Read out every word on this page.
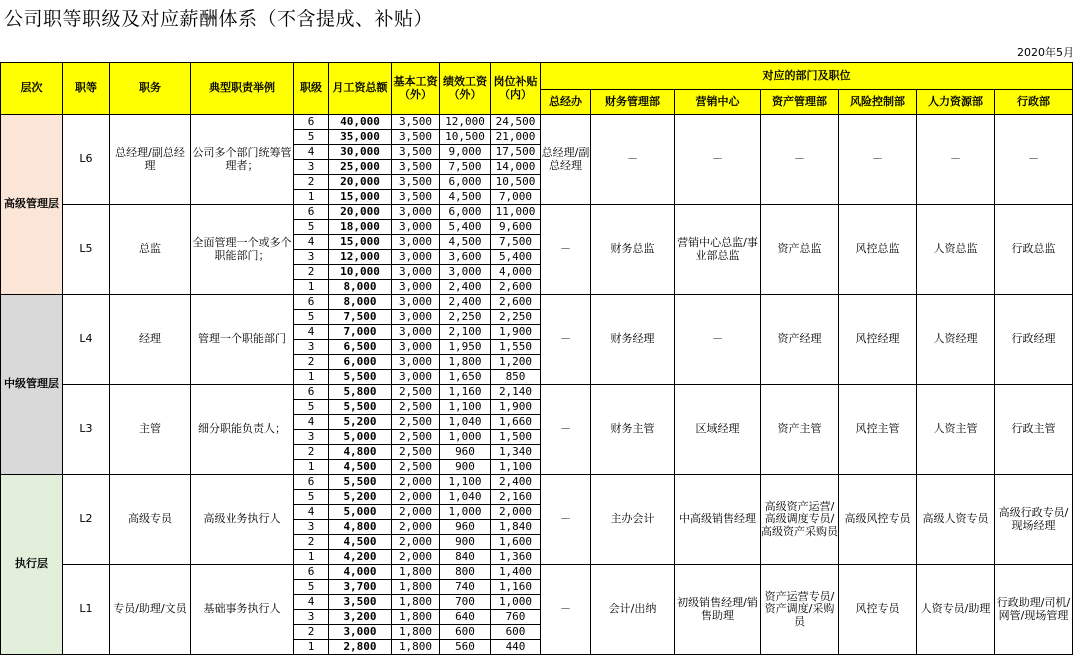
公司职等职级及对应薪酬体系（不含提成、补贴）
2020年5月
层次	职等	职务	典型职责举例	职级	月工资总额	基本工资（外）	绩效工资（外）	岗位补贴（内）	对应的部门及职位						
									总经办	财务管理部	营销中心	资产管理部	风险控制部	人力资源部	行政部
高级管理层	L6	总经理/副总经理	公司多个部门统筹管理者；	6	40,000	3,500	12,000	24,500	总经理/副总经理	－	－	－	－	－	－
				5	35,000	3,500	10,500	21,000							
				4	30,000	3,500	9,000	17,500							
				3	25,000	3,500	7,500	14,000							
				2	20,000	3,500	6,000	10,500							
				1	15,000	3,500	4,500	7,000							
	L5	总监	全面管理一个或多个职能部门；	6	20,000	3,000	6,000	11,000	－	财务总监	营销中心总监/事业部总监	资产总监	风控总监	人资总监	行政总监
				5	18,000	3,000	5,400	9,600							
				4	15,000	3,000	4,500	7,500							
				3	12,000	3,000	3,600	5,400							
				2	10,000	3,000	3,000	4,000							
				1	8,000	3,000	2,400	2,600							
中级管理层	L4	经理	管理一个职能部门	6	8,000	3,000	2,400	2,600	－	财务经理	－	资产经理	风控经理	人资经理	行政经理
				5	7,500	3,000	2,250	2,250							
				4	7,000	3,000	2,100	1,900							
				3	6,500	3,000	1,950	1,550							
				2	6,000	3,000	1,800	1,200							
				1	5,500	3,000	1,650	850							
	L3	主管	细分职能负责人；	6	5,800	2,500	1,160	2,140	－	财务主管	区域经理	资产主管	风控主管	人资主管	行政主管
				5	5,500	2,500	1,100	1,900							
				4	5,200	2,500	1,040	1,660							
				3	5,000	2,500	1,000	1,500							
				2	4,800	2,500	960	1,340							
				1	4,500	2,500	900	1,100							
执行层	L2	高级专员	高级业务执行人	6	5,500	2,000	1,100	2,400	－	主办会计	中高级销售经理	高级资产运营/高级调度专员/高级资产采购员	高级风控专员	高级人资专员	高级行政专员/现场经理
				5	5,200	2,000	1,040	2,160							
				4	5,000	2,000	1,000	2,000							
				3	4,800	2,000	960	1,840							
				2	4,500	2,000	900	1,600							
				1	4,200	2,000	840	1,360							
	L1	专员/助理/文员	基础事务执行人	6	4,000	1,800	800	1,400	－	会计/出纳	初级销售经理/销售助理	资产运营专员/资产调度/采购员	风控专员	人资专员/助理	行政助理/司机/网管/现场管理
				5	3,700	1,800	740	1,160							
				4	3,500	1,800	700	1,000							
				3	3,200	1,800	640	760							
				2	3,000	1,800	600	600							
				1	2,800	1,800	560	440							
